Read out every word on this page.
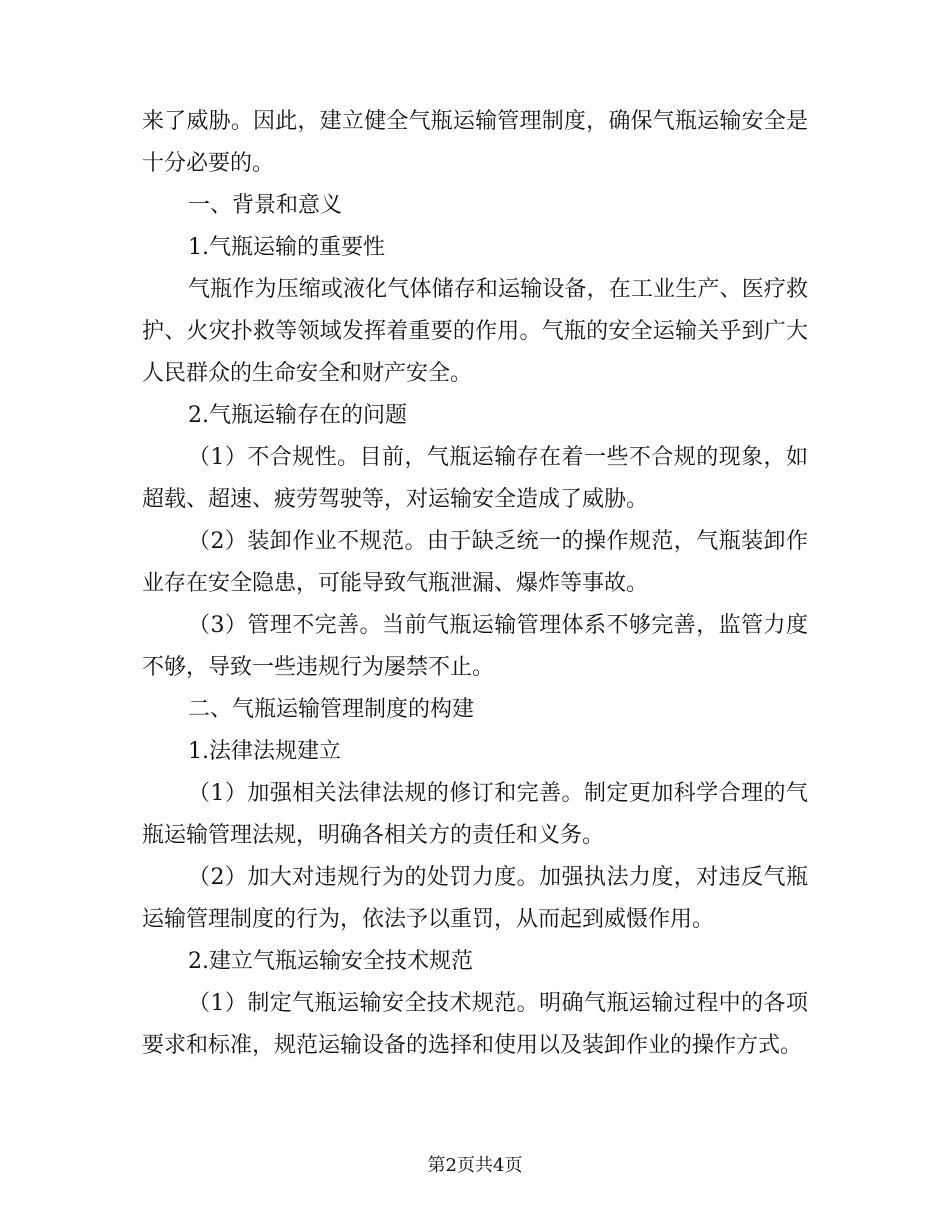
来了威胁。因此，建立健全气瓶运输管理制度，确保气瓶运输安全是十分必要的。

一、背景和意义

1.气瓶运输的重要性

气瓶作为压缩或液化气体储存和运输设备，在工业生产、医疗救护、火灾扑救等领域发挥着重要的作用。气瓶的安全运输关乎到广大人民群众的生命安全和财产安全。

2.气瓶运输存在的问题

（1）不合规性。目前，气瓶运输存在着一些不合规的现象，如超载、超速、疲劳驾驶等，对运输安全造成了威胁。

（2）装卸作业不规范。由于缺乏统一的操作规范，气瓶装卸作业存在安全隐患，可能导致气瓶泄漏、爆炸等事故。

（3）管理不完善。当前气瓶运输管理体系不够完善，监管力度不够，导致一些违规行为屡禁不止。

二、气瓶运输管理制度的构建

1.法律法规建立

（1）加强相关法律法规的修订和完善。制定更加科学合理的气瓶运输管理法规，明确各相关方的责任和义务。

（2）加大对违规行为的处罚力度。加强执法力度，对违反气瓶运输管理制度的行为，依法予以重罚，从而起到威慑作用。

2.建立气瓶运输安全技术规范

（1）制定气瓶运输安全技术规范。明确气瓶运输过程中的各项要求和标准，规范运输设备的选择和使用以及装卸作业的操作方式。

第2页共4页
